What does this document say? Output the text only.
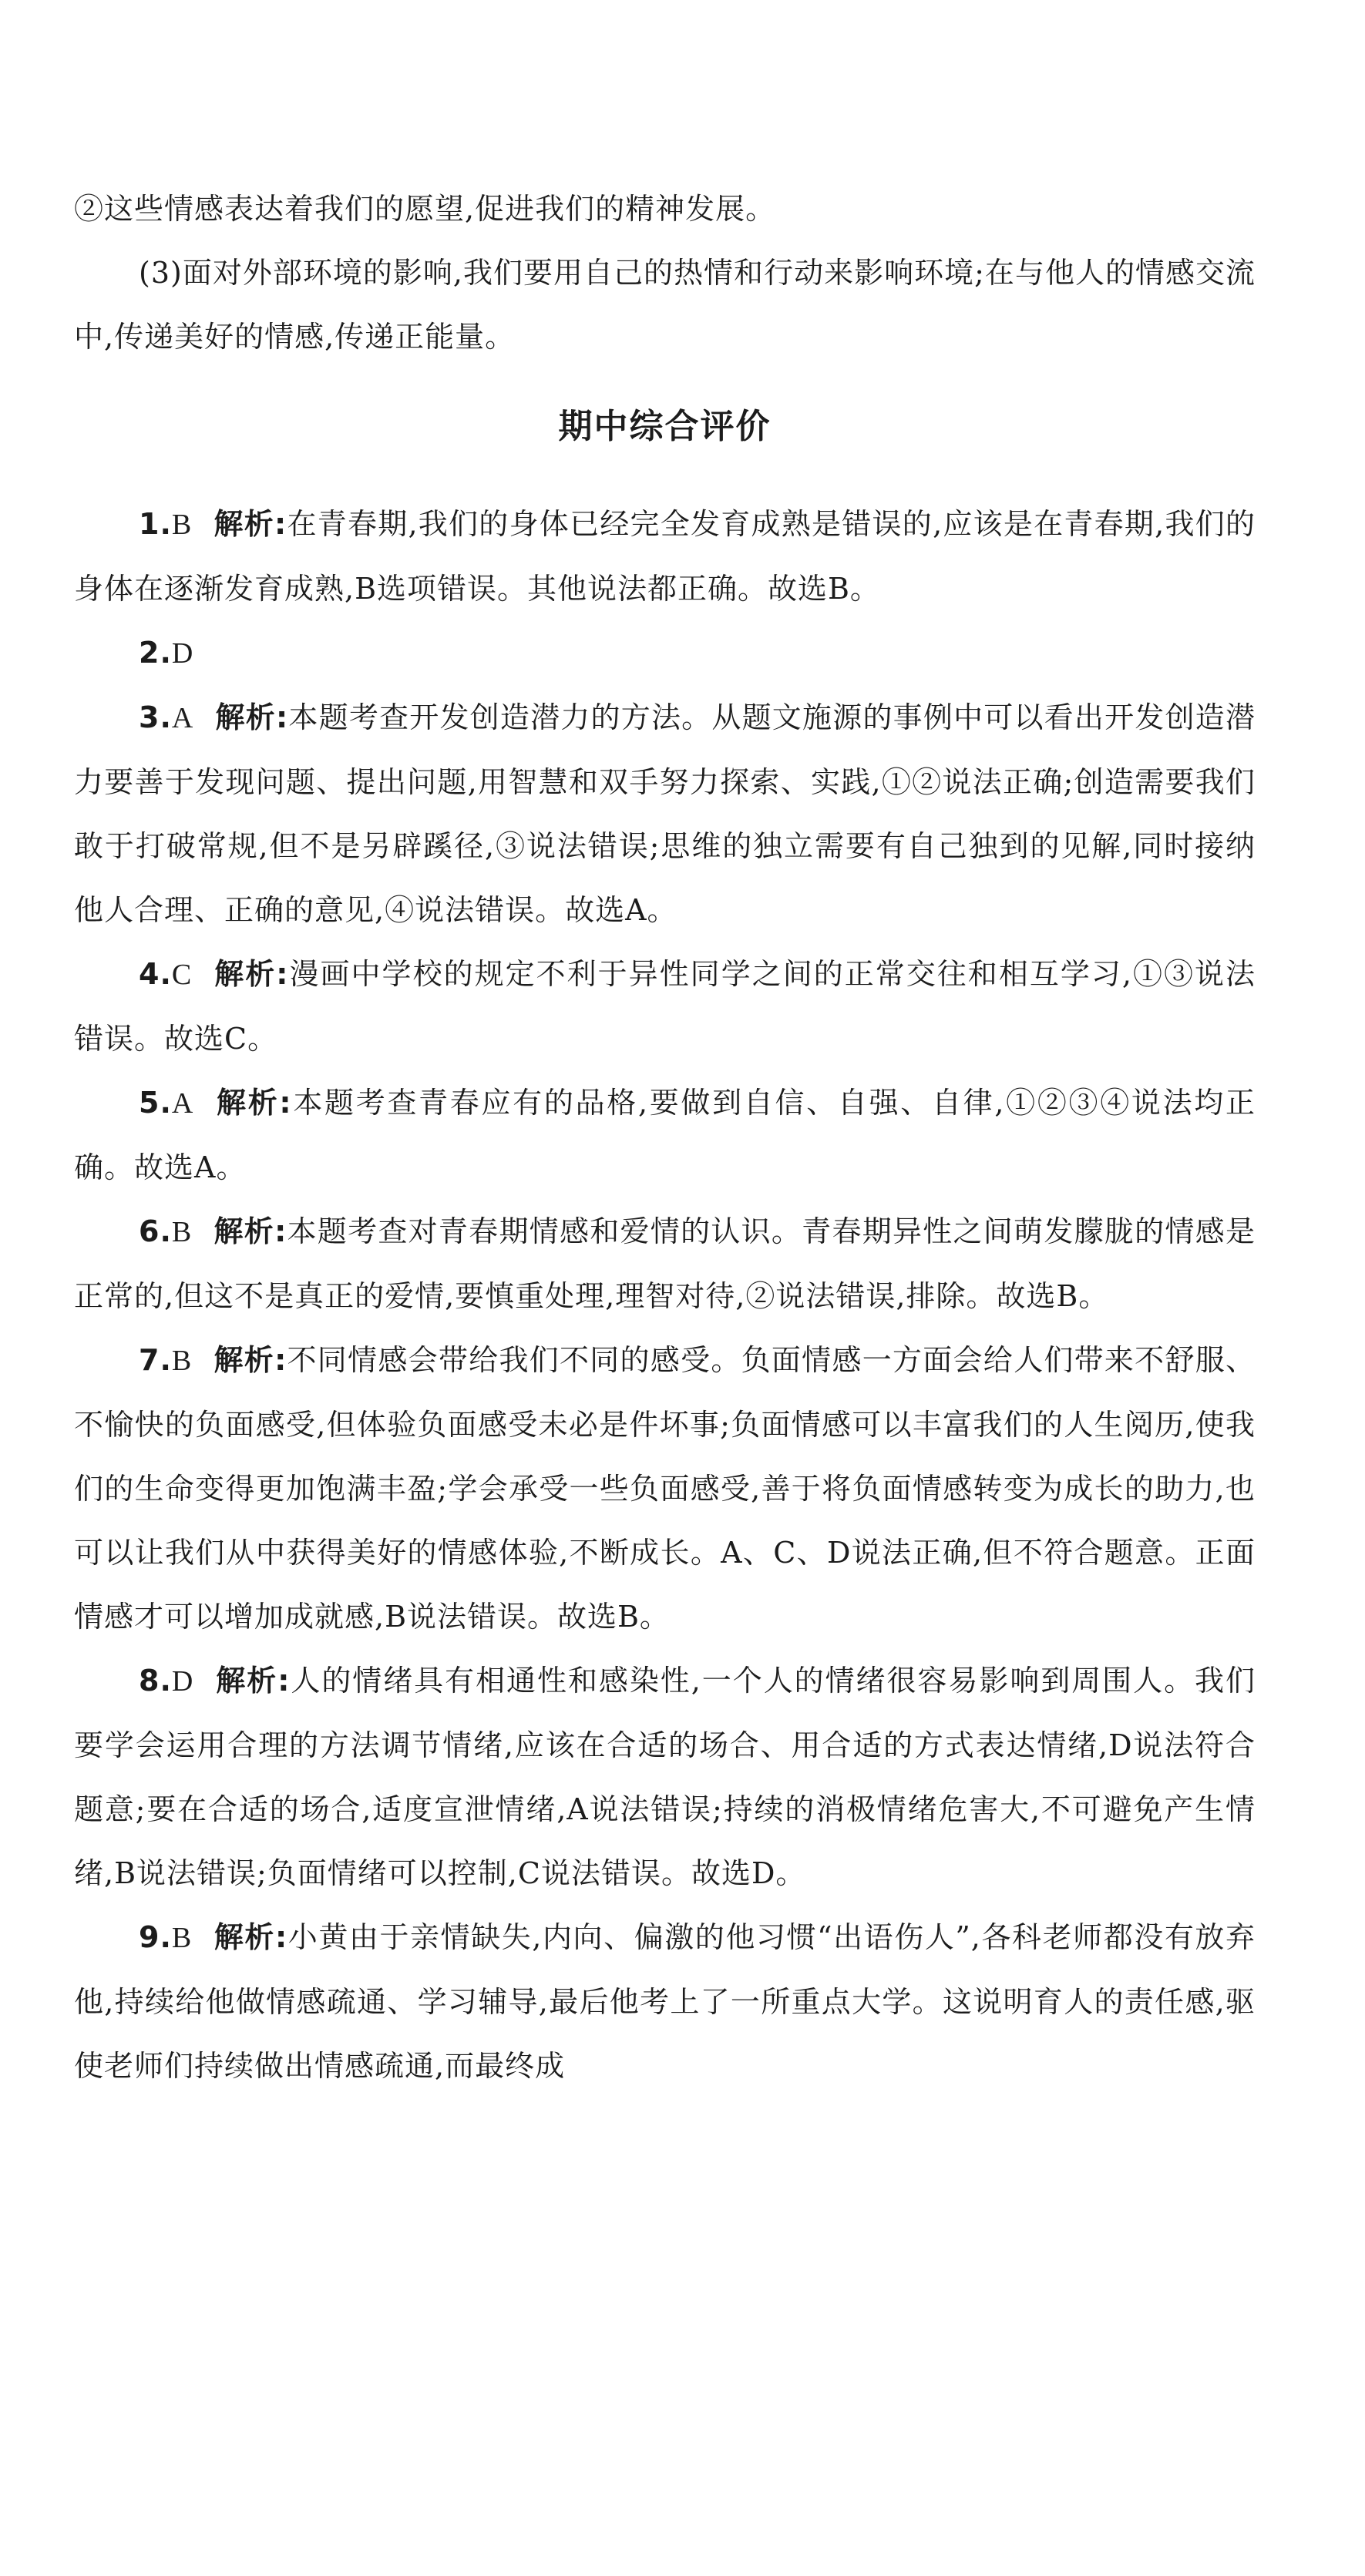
②这些情感表达着我们的愿望,促进我们的精神发展。

(3)面对外部环境的影响,我们要用自己的热情和行动来影响环境;在与他人的情感交流中,传递美好的情感,传递正能量。

期中综合评价

1.B 解析:在青春期,我们的身体已经完全发育成熟是错误的,应该是在青春期,我们的身体在逐渐发育成熟,B选项错误。其他说法都正确。故选B。

2.D

3.A 解析:本题考查开发创造潜力的方法。从题文施源的事例中可以看出开发创造潜力要善于发现问题、提出问题,用智慧和双手努力探索、实践,①②说法正确;创造需要我们敢于打破常规,但不是另辟蹊径,③说法错误;思维的独立需要有自己独到的见解,同时接纳他人合理、正确的意见,④说法错误。故选A。

4.C 解析:漫画中学校的规定不利于异性同学之间的正常交往和相互学习,①③说法错误。故选C。

5.A 解析:本题考查青春应有的品格,要做到自信、自强、自律,①②③④说法均正确。故选A。

6.B 解析:本题考查对青春期情感和爱情的认识。青春期异性之间萌发朦胧的情感是正常的,但这不是真正的爱情,要慎重处理,理智对待,②说法错误,排除。故选B。

7.B 解析:不同情感会带给我们不同的感受。负面情感一方面会给人们带来不舒服、不愉快的负面感受,但体验负面感受未必是件坏事;负面情感可以丰富我们的人生阅历,使我们的生命变得更加饱满丰盈;学会承受一些负面感受,善于将负面情感转变为成长的助力,也可以让我们从中获得美好的情感体验,不断成长。A、C、D说法正确,但不符合题意。正面情感才可以增加成就感,B说法错误。故选B。

8.D 解析:人的情绪具有相通性和感染性,一个人的情绪很容易影响到周围人。我们要学会运用合理的方法调节情绪,应该在合适的场合、用合适的方式表达情绪,D说法符合题意;要在合适的场合,适度宣泄情绪,A说法错误;持续的消极情绪危害大,不可避免产生情绪,B说法错误;负面情绪可以控制,C说法错误。故选D。

9.B 解析:小黄由于亲情缺失,内向、偏激的他习惯“出语伤人”,各科老师都没有放弃他,持续给他做情感疏通、学习辅导,最后他考上了一所重点大学。这说明育人的责任感,驱使老师们持续做出情感疏通,而最终成
